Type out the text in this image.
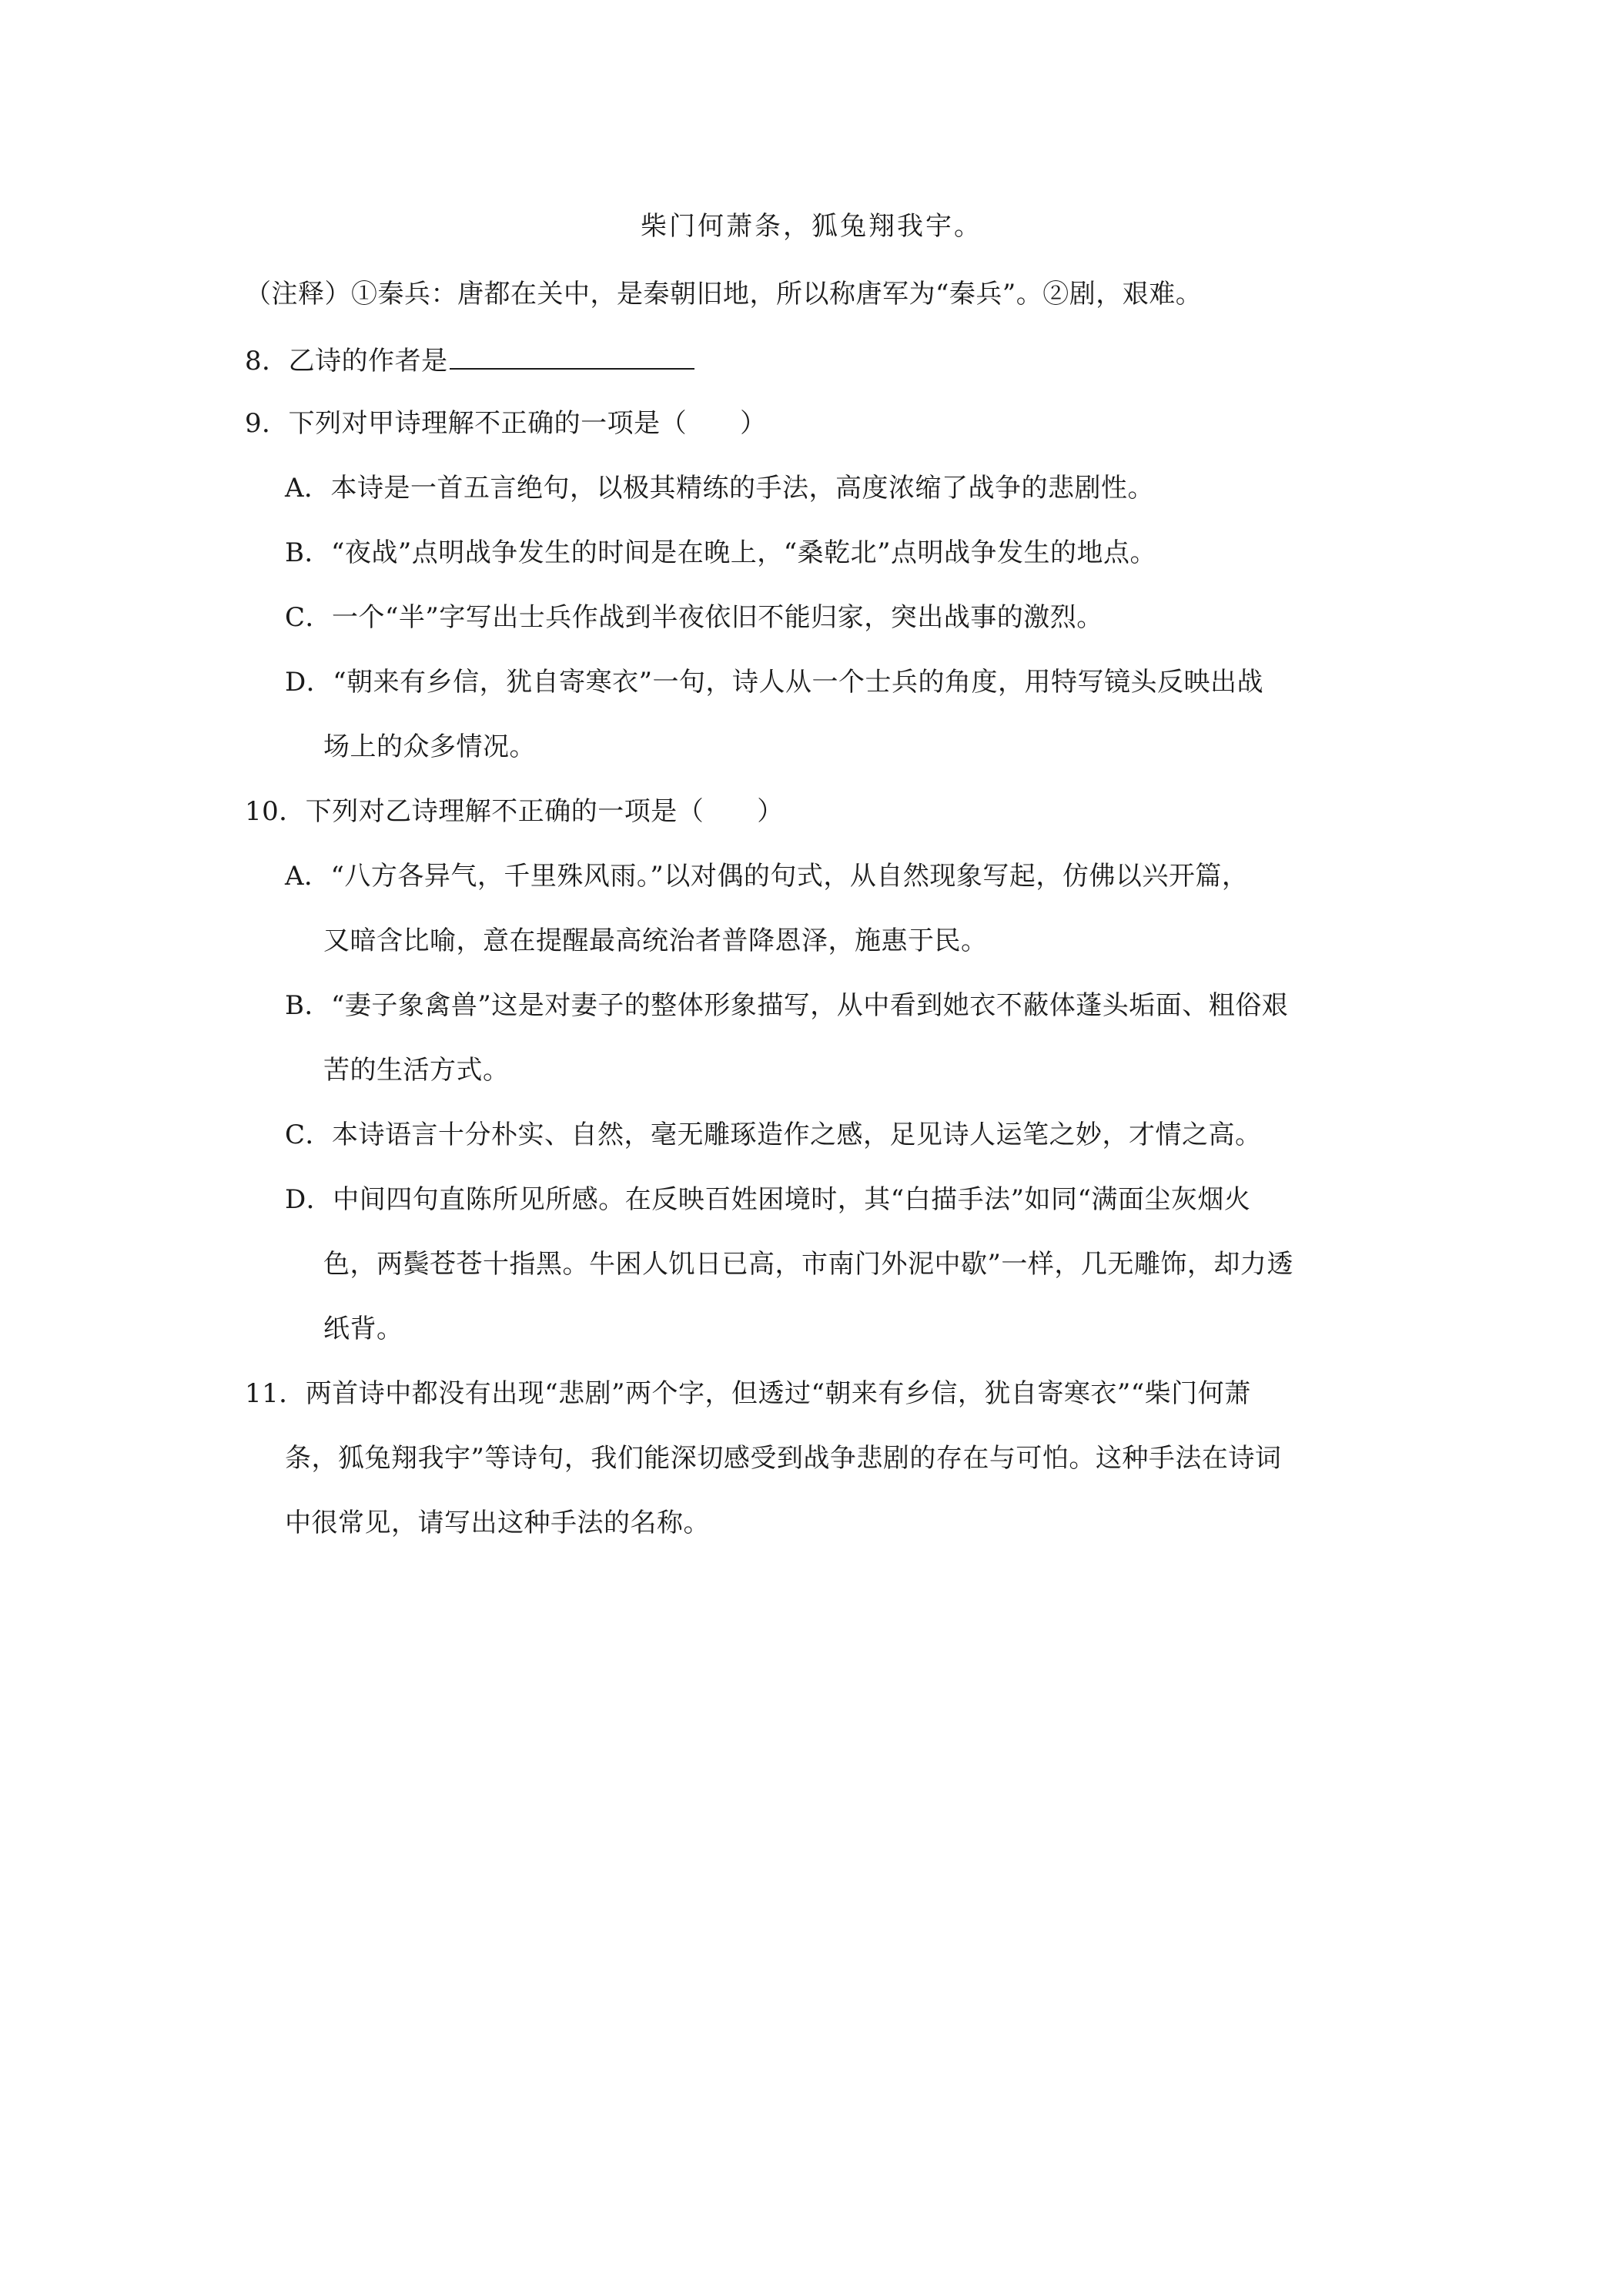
柴门何萧条，狐兔翔我宇。
（注释）①秦兵：唐都在关中，是秦朝旧地，所以称唐军为“秦兵”。②剧，艰难。
8．乙诗的作者是
9．下列对甲诗理解不正确的一项是（　　）
A．本诗是一首五言绝句，以极其精练的手法，高度浓缩了战争的悲剧性。
B．“夜战”点明战争发生的时间是在晚上，“桑乾北”点明战争发生的地点。
C．一个“半”字写出士兵作战到半夜依旧不能归家，突出战事的激烈。
D．“朝来有乡信，犹自寄寒衣”一句，诗人从一个士兵的角度，用特写镜头反映出战
场上的众多情况。
10．下列对乙诗理解不正确的一项是（　　）
A．“八方各异气，千里殊风雨。”以对偶的句式，从自然现象写起，仿佛以兴开篇，
又暗含比喻，意在提醒最高统治者普降恩泽，施惠于民。
B．“妻子象禽兽”这是对妻子的整体形象描写，从中看到她衣不蔽体蓬头垢面、粗俗艰
苦的生活方式。
C．本诗语言十分朴实、自然，毫无雕琢造作之感，足见诗人运笔之妙，才情之高。
D．中间四句直陈所见所感。在反映百姓困境时，其“白描手法”如同“满面尘灰烟火
色，两鬓苍苍十指黑。牛困人饥日已高，市南门外泥中歇”一样，几无雕饰，却力透
纸背。
11．两首诗中都没有出现“悲剧”两个字，但透过“朝来有乡信，犹自寄寒衣”“柴门何萧
条，狐兔翔我宇”等诗句，我们能深切感受到战争悲剧的存在与可怕。这种手法在诗词
中很常见，请写出这种手法的名称。
